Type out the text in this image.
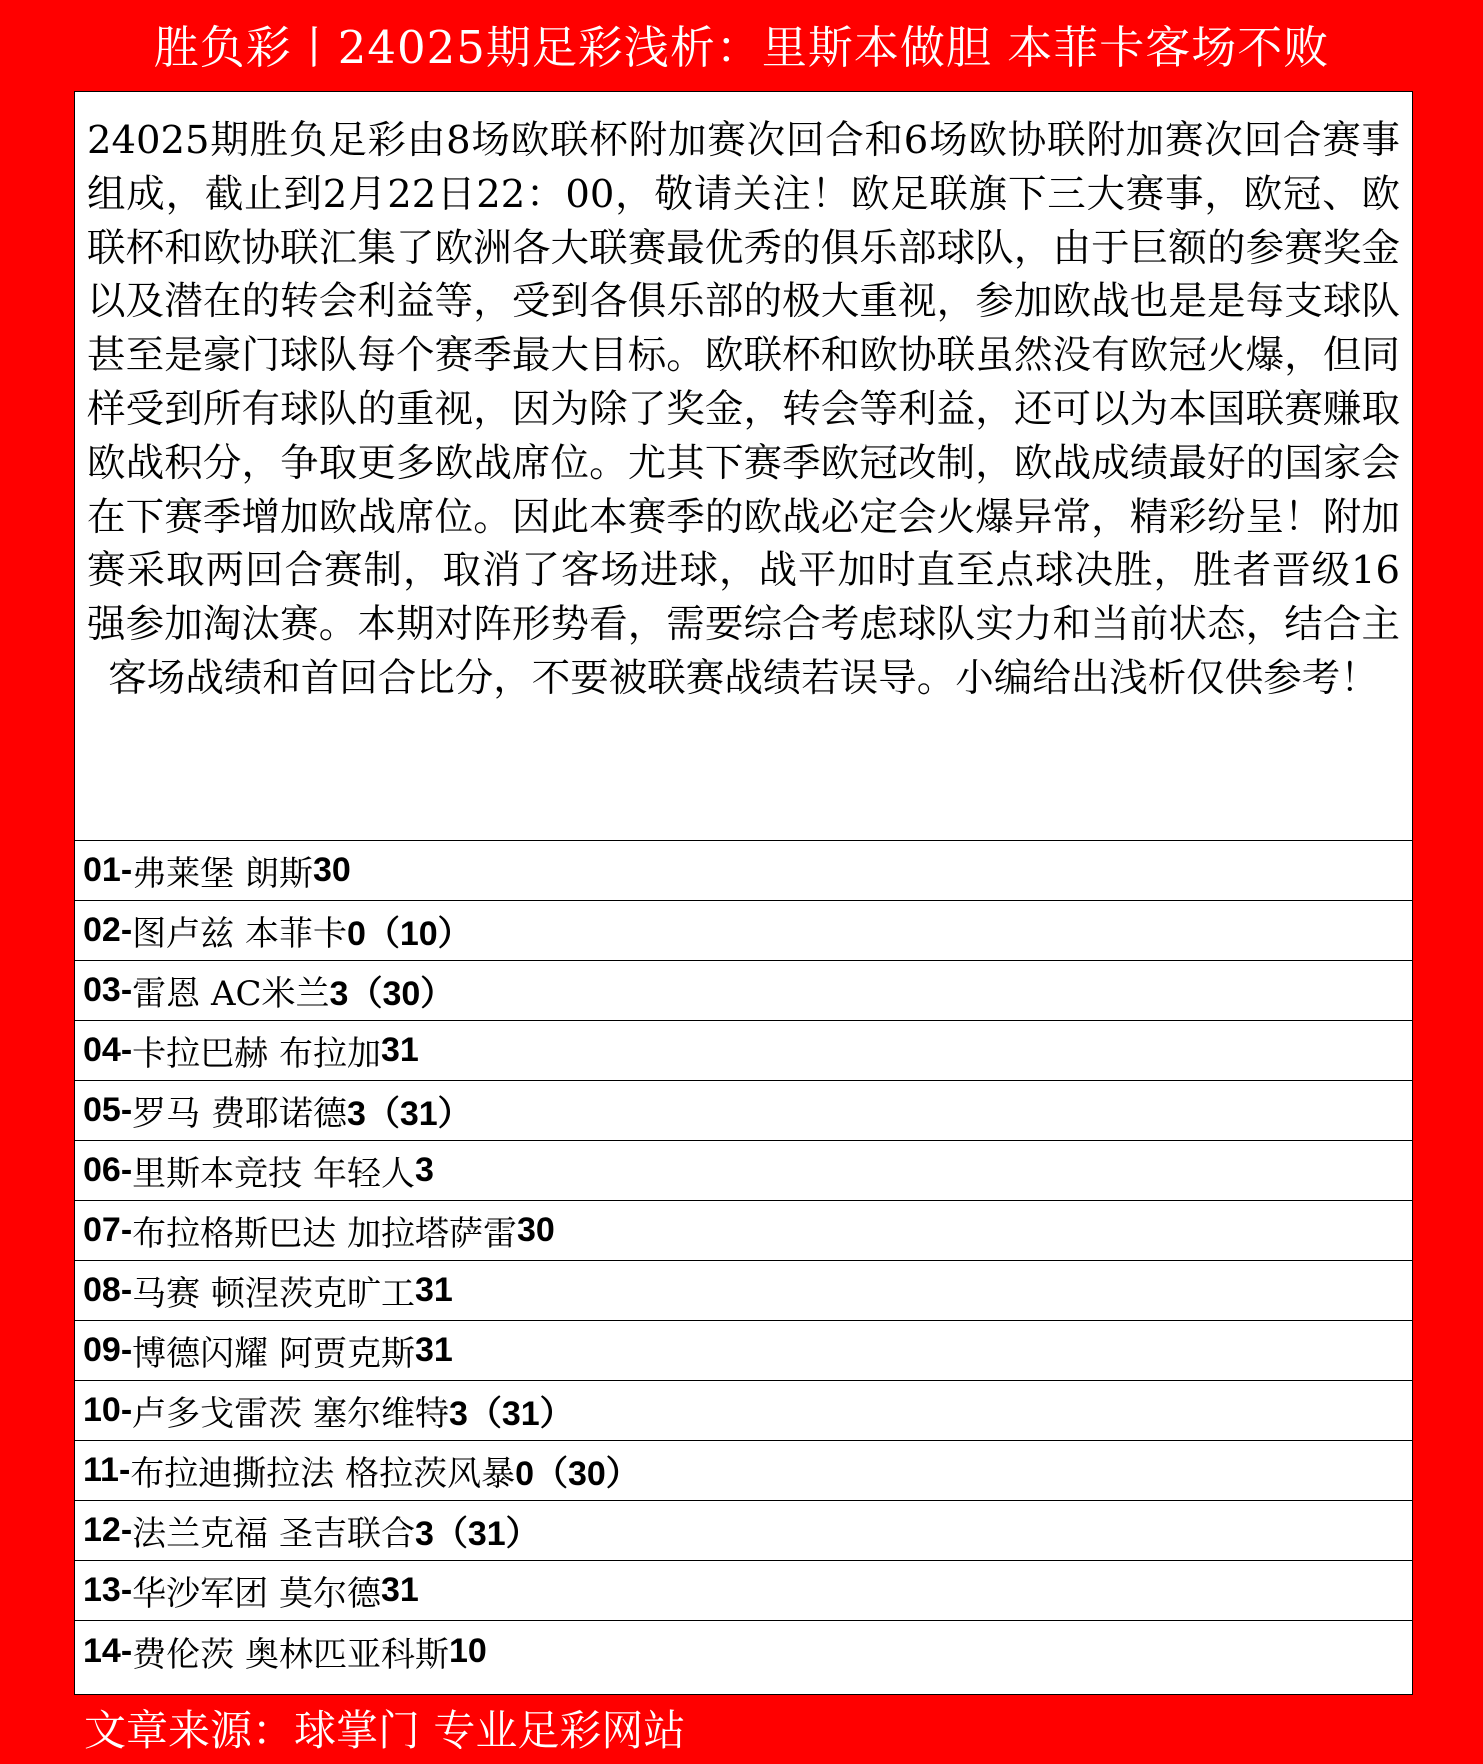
胜负彩丨24025期足彩浅析：里斯本做胆 本菲卡客场不败
24025期胜负足彩由8场欧联杯附加赛次回合和6场欧协联附加赛次回合赛事组成，截止到2月22日22：00，敬请关注！欧足联旗下三大赛事，欧冠、欧联杯和欧协联汇集了欧洲各大联赛最优秀的俱乐部球队，由于巨额的参赛奖金以及潜在的转会利益等，受到各俱乐部的极大重视，参加欧战也是是每支球队甚至是豪门球队每个赛季最大目标。欧联杯和欧协联虽然没有欧冠火爆，但同样受到所有球队的重视，因为除了奖金，转会等利益，还可以为本国联赛赚取欧战积分，争取更多欧战席位。尤其下赛季欧冠改制，欧战成绩最好的国家会在下赛季增加欧战席位。因此本赛季的欧战必定会火爆异常，精彩纷呈！附加赛采取两回合赛制，取消了客场进球，战平加时直至点球决胜，胜者晋级16强参加淘汰赛。本期对阵形势看，需要综合考虑球队实力和当前状态，结合主客场战绩和首回合比分，不要被联赛战绩若误导。小编给出浅析仅供参考！
01- 弗莱堡 朗斯 30
02- 图卢兹 本菲卡 0（10）
03- 雷恩 AC米兰 3（30）
04- 卡拉巴赫 布拉加 31
05- 罗马 费耶诺德 3（31）
06- 里斯本竞技 年轻人 3
07- 布拉格斯巴达 加拉塔萨雷 30
08- 马赛 顿涅茨克旷工 31
09- 博德闪耀 阿贾克斯 31
10- 卢多戈雷茨 塞尔维特 3（31）
11- 布拉迪撕拉法 格拉茨风暴 0（30）
12- 法兰克福 圣吉联合 3（31）
13- 华沙军团 莫尔德 31
14- 费伦茨 奥林匹亚科斯 10
文章来源：球掌门 专业足彩网站
